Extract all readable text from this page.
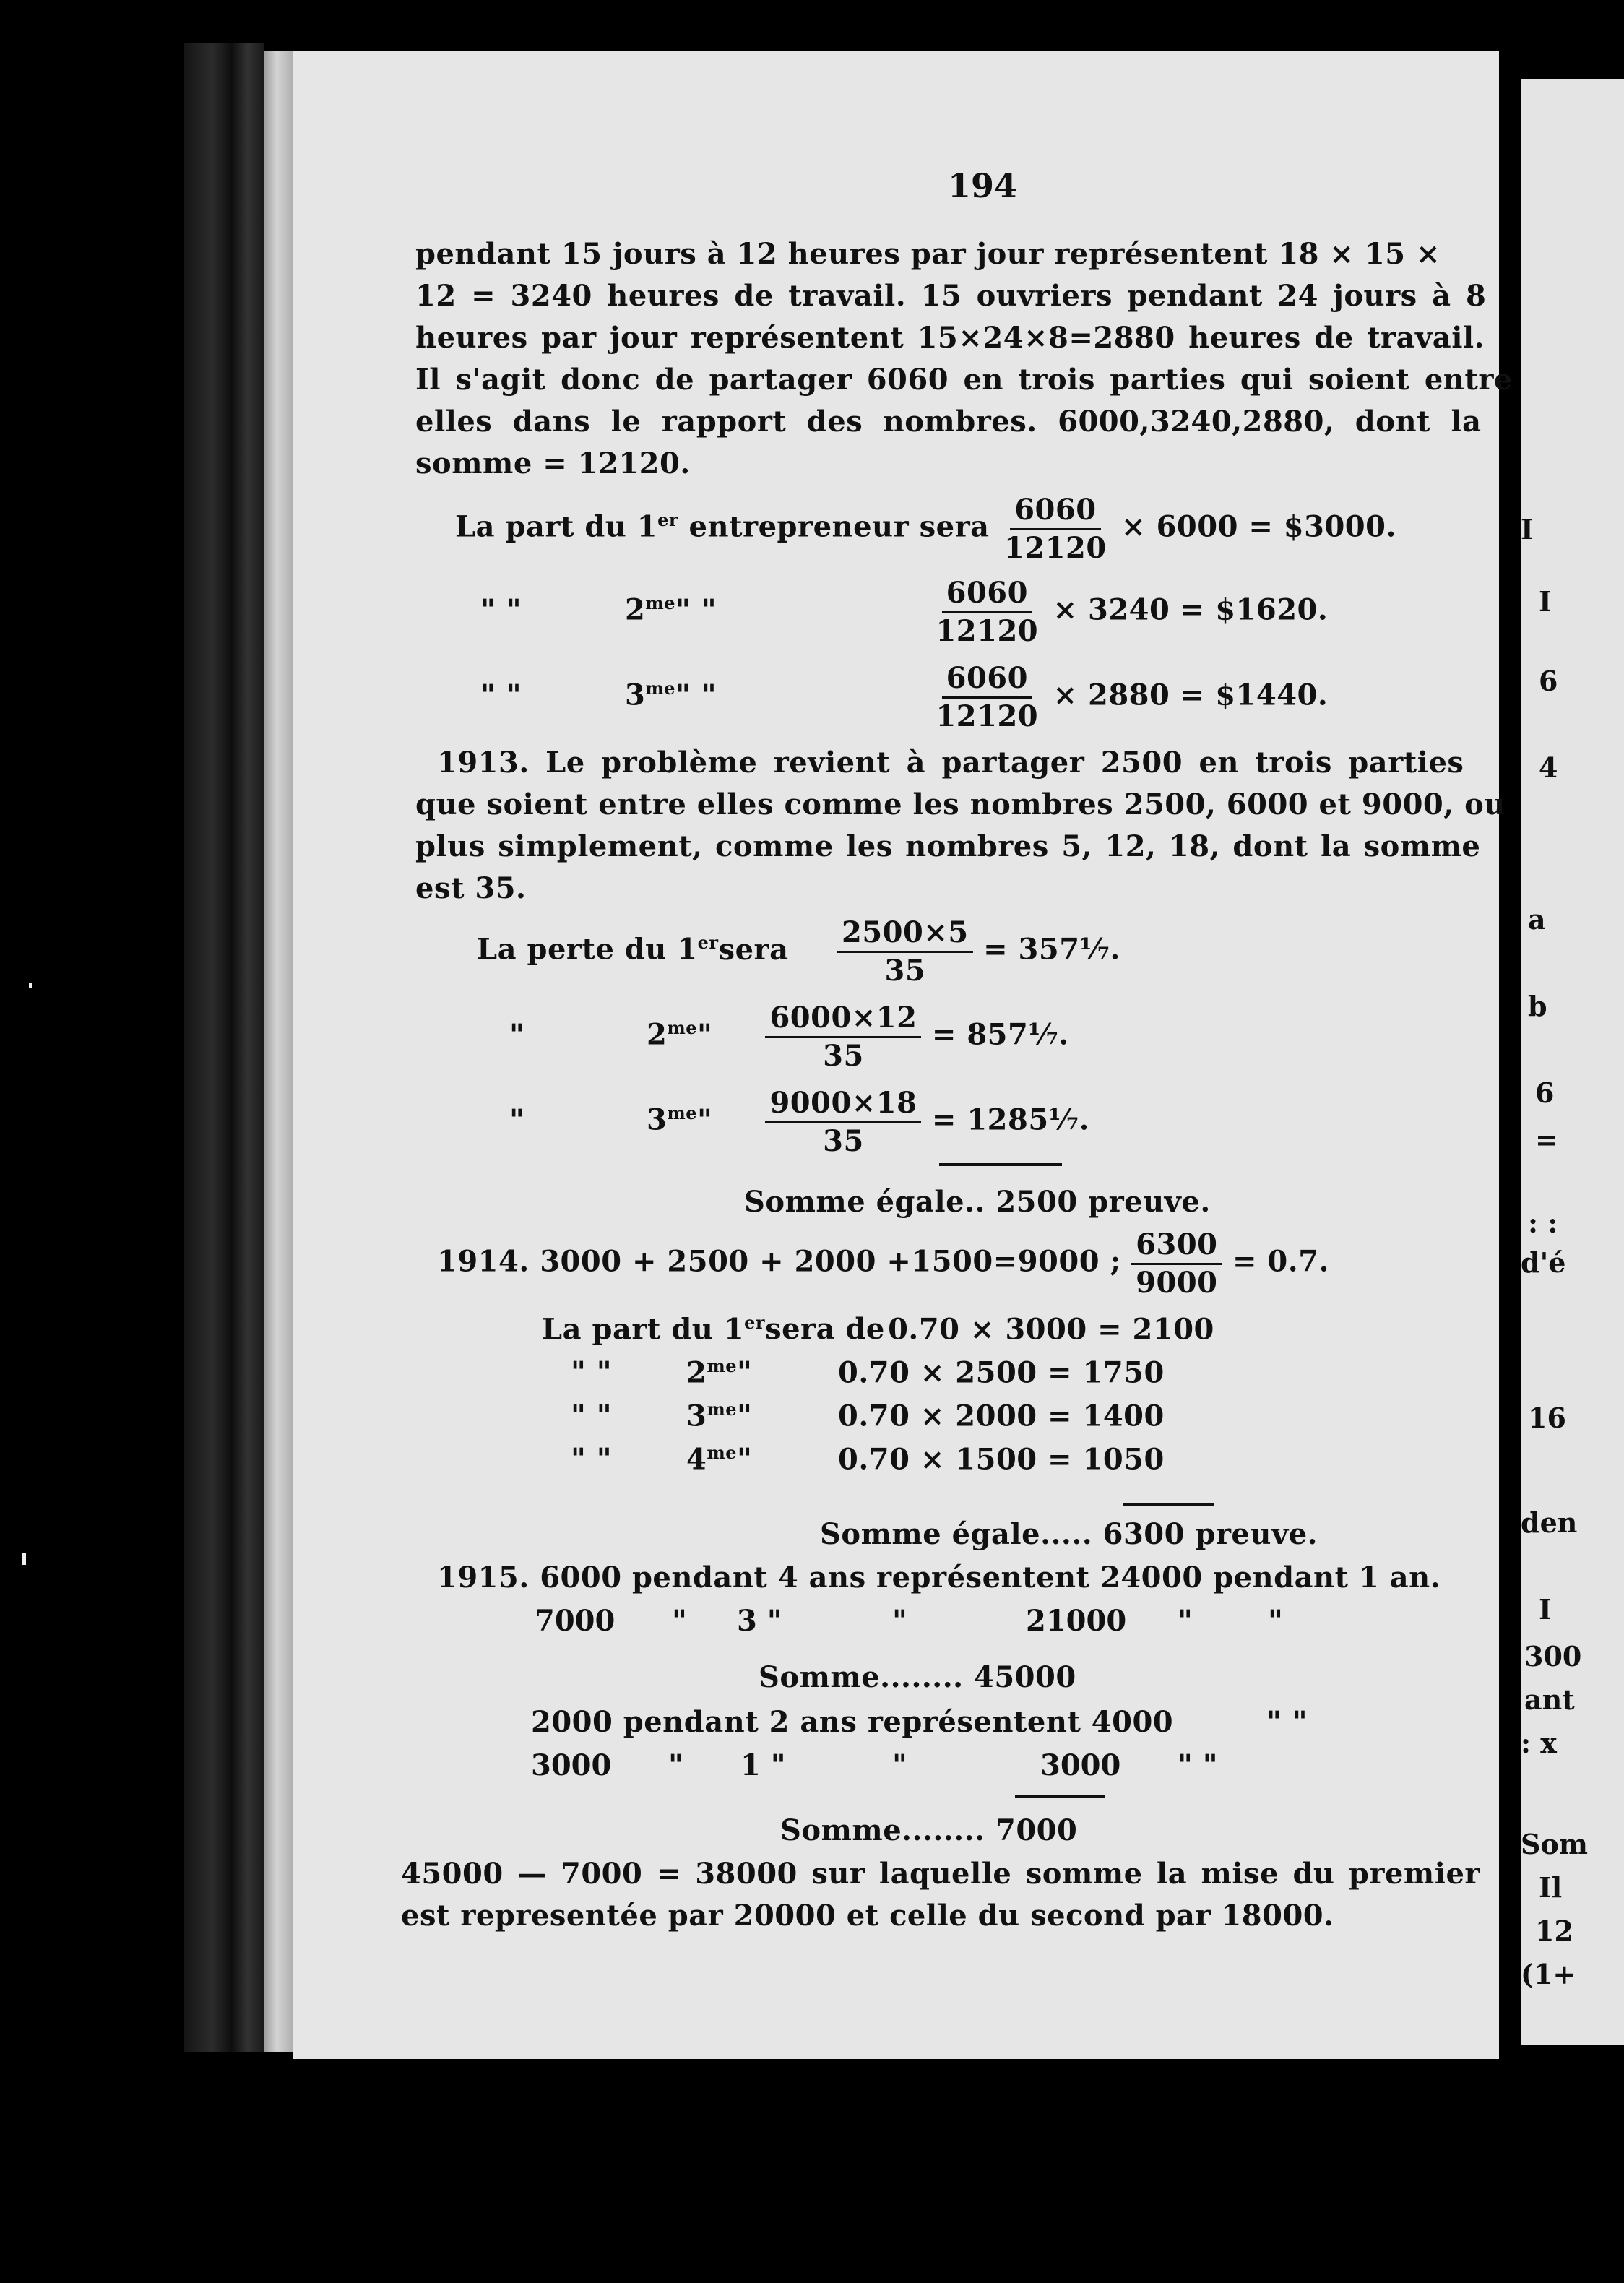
194
pendant 15 jours à 12 heures par jour représentent 18 × 15 ×
12 = 3240 heures de travail. 15 ouvriers pendant 24 jours à 8
heures par jour représentent 15×24×8=2880 heures de travail.
Il s'agit donc de partager 6060 en trois parties qui soient entre
elles dans le rapport des nombres. 6000,3240,2880, dont la
somme = 12120.
La part du 1er entrepreneur sera $\frac{6060}{12120} \times 6000$ = $3000.
" "	$2^{me}$" "	$\frac{6060}{12120} \times 3240$ = $1620.
" "	$3^{me}$" "	$\frac{6060}{12120} \times 2880$ = $1440.
1913. Le problème revient à partager 2500 en trois parties
que soient entre elles comme les nombres 2500, 6000 et 9000, ou
plus simplement, comme les nombres 5, 12, 18, dont la somme
est 35.
La perte du 1ersera $\frac{2500\times 5}{35}$ = 357⅐.
"	$2^{me}$" $\frac{6000\times 12}{35}$ = 857⅐.
"	$3^{me}$" $\frac{9000\times 18}{35}$ = 1285⅐.
Somme égale.. 2500 preuve.
1914. 3000 + 2500 + 2000 +1500=9000 ; $\frac{6300}{9000} = 0.7$.
La part du 1ersera de 0.70 × 3000 = 2100
" "	$2^{me}$"	0.70 × 2500 = 1750
" "	$3^{me}$"	0.70 × 2000 = 1400
" "	$4^{me}$"	0.70 × 1500 = 1050
Somme égale..... 6300 preuve.
1915. 6000 pendant 4 ans représentent 24000 pendant 1 an.
7000 " 3 "	"	21000 "	"
Somme........ 45000
2000 pendant 2 ans représentent 4000	" "
3000 " 1 "	"	3000 " "
Somme........ 7000
45000 — 7000 = 38000 sur laquelle somme la mise du premier
est representée par 20000 et celle du second par 18000.
I
I
6
4
a
b
6
=
: :
d'é
16
den
I
300
ant
: x
Som
Il
12
(1+
